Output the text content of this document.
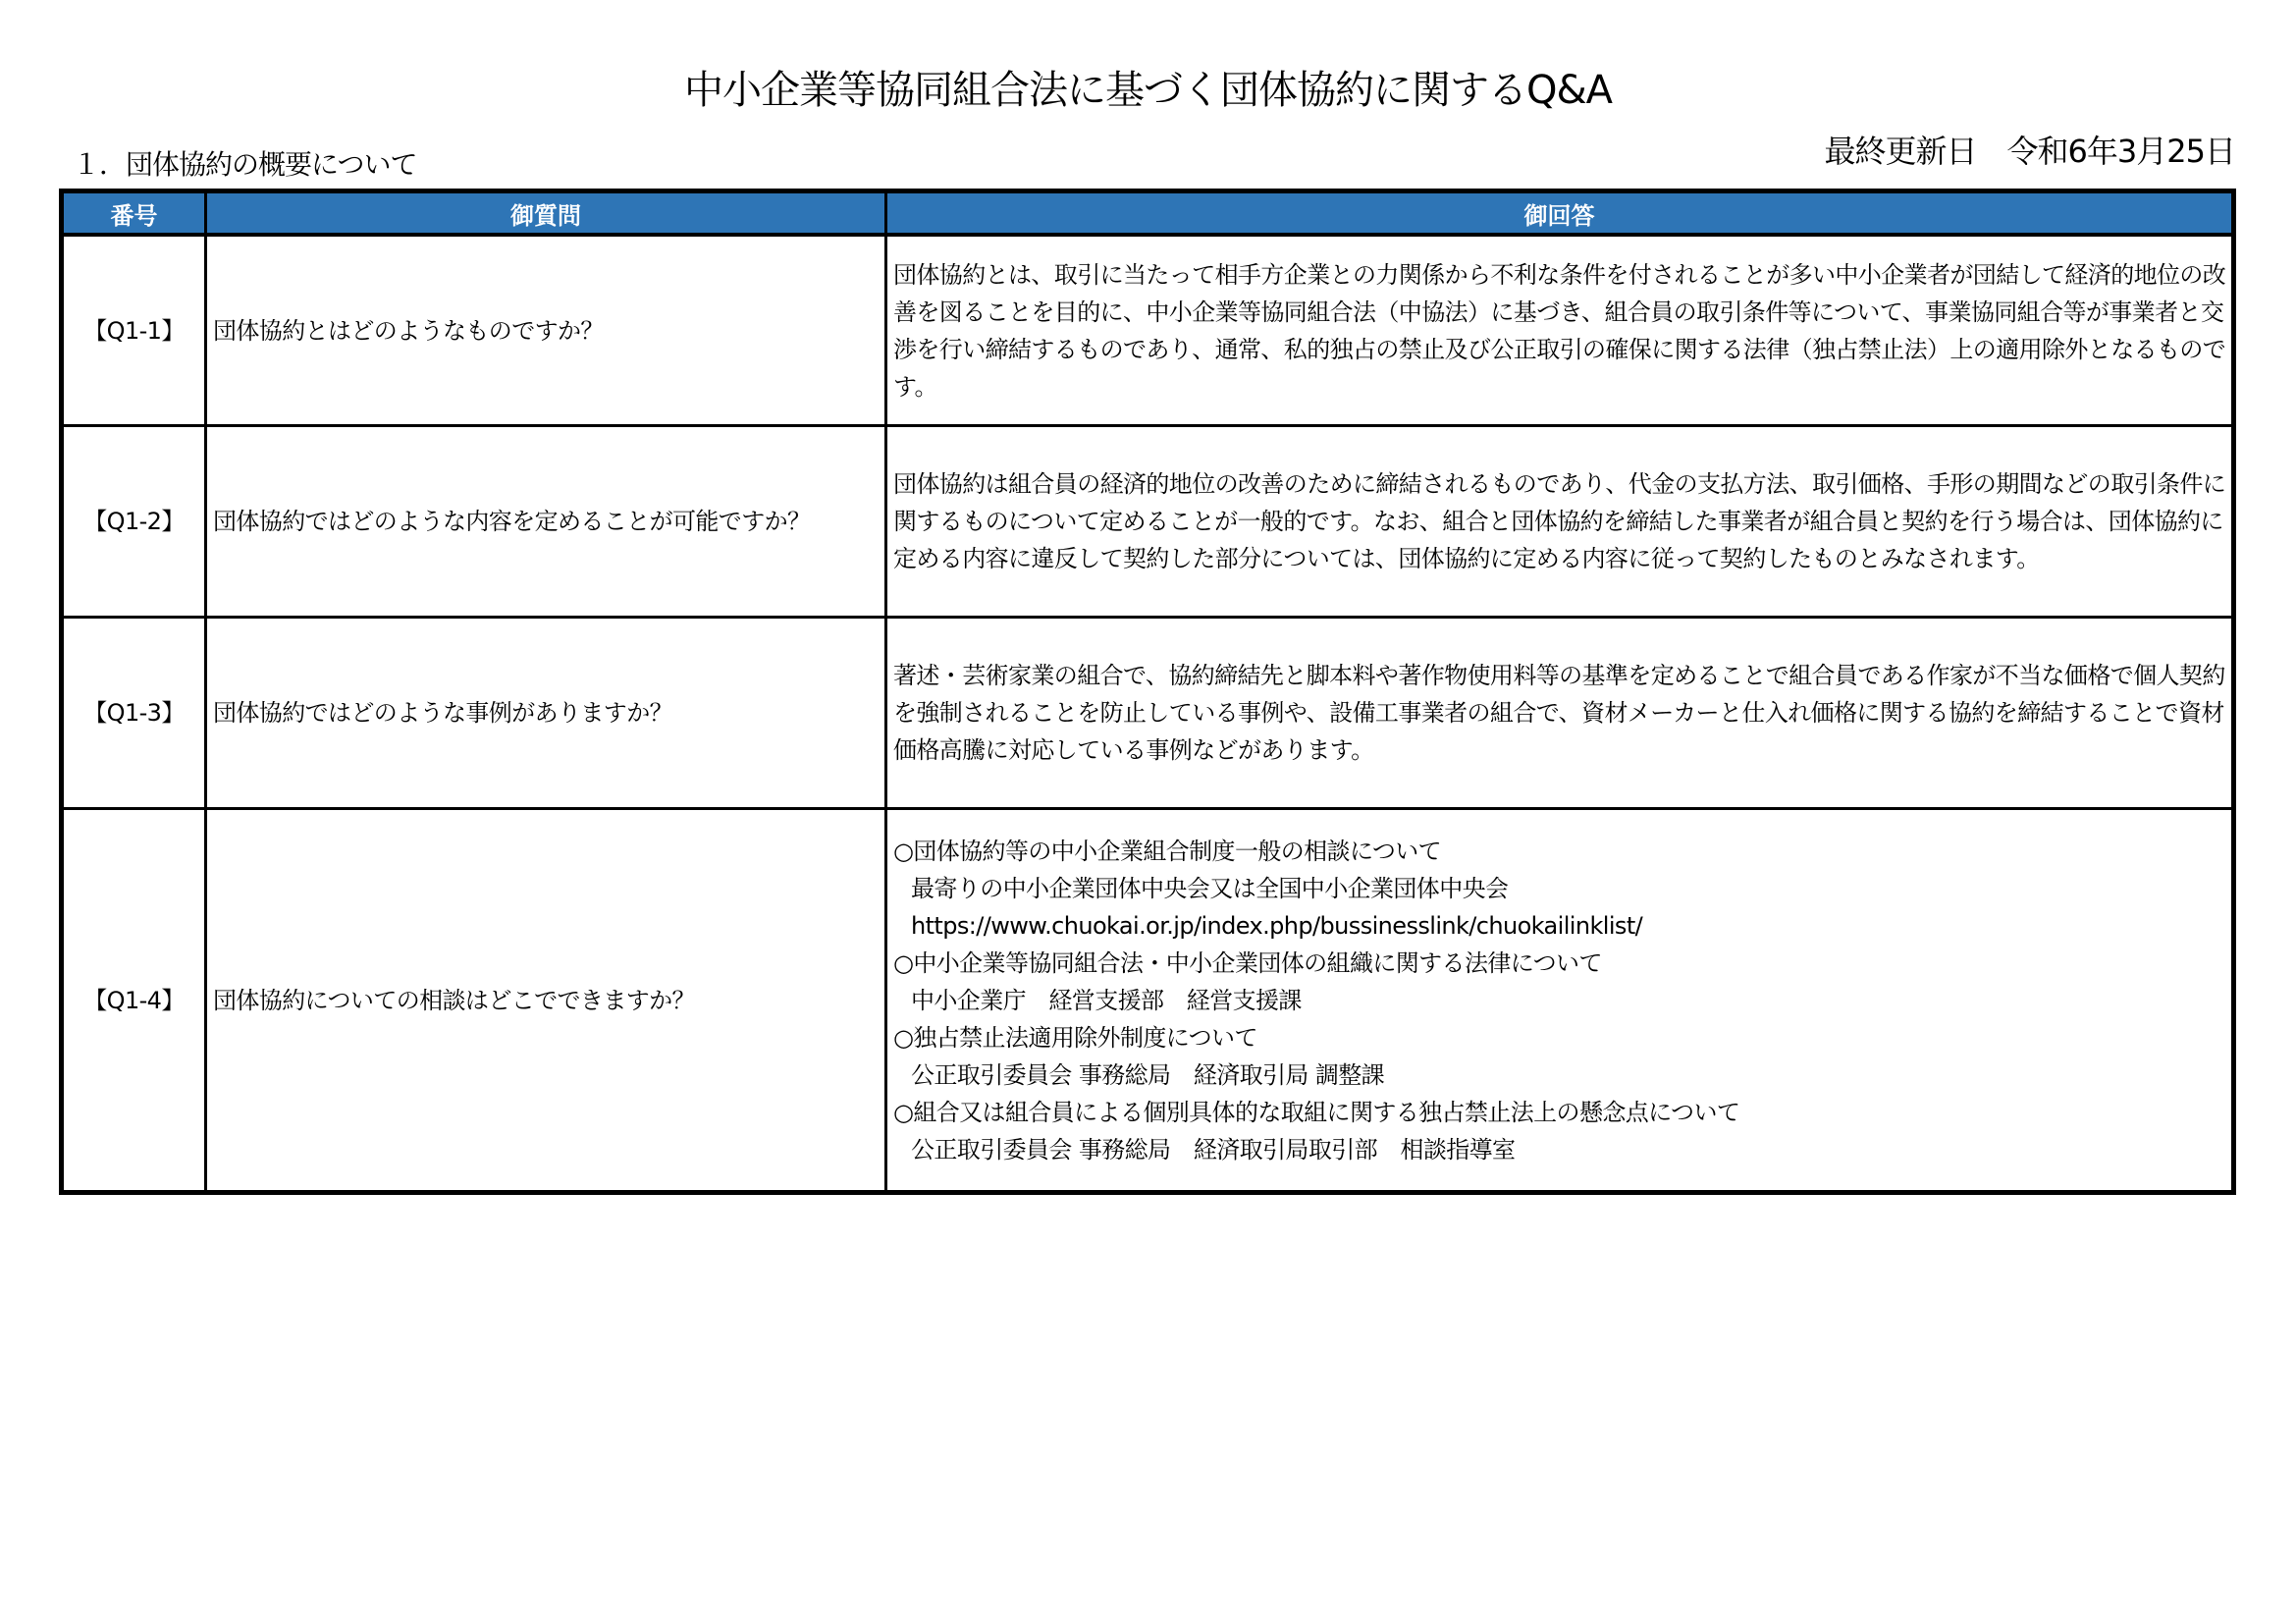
中小企業等協同組合法に基づく団体協約に関するQ&A
１．団体協約の概要について	最終更新日　令和6年3月25日
番号	御質問	御回答
【Q1-1】	団体協約とはどのようなものですか？	団体協約とは、取引に当たって相手方企業との力関係から不利な条件を付されることが多い中小企業者が団結して経済的地位の改善を図ることを目的に、中小企業等協同組合法（中協法）に基づき、組合員の取引条件等について、事業協同組合等が事業者と交渉を行い締結するものであり、通常、私的独占の禁止及び公正取引の確保に関する法律（独占禁止法）上の適用除外となるものです。

【Q1-2】	団体協約ではどのような内容を定めることが可能ですか？	団体協約は組合員の経済的地位の改善のために締結されるものであり、代金の支払方法、取引価格、手形の期間などの取引条件に関するものについて定めることが一般的です。なお、組合と団体協約を締結した事業者が組合員と契約を行う場合は、団体協約に定める内容に違反して契約した部分については、団体協約に定める内容に従って契約したものとみなされます。

【Q1-3】	団体協約ではどのような事例がありますか？	著述・芸術家業の組合で、協約締結先と脚本料や著作物使用料等の基準を定めることで組合員である作家が不当な価格で個人契約を強制されることを防止している事例や、設備工事業者の組合で、資材メーカーと仕入れ価格に関する協約を締結することで資材価格高騰に対応している事例などがあります。

【Q1-4】	団体協約についての相談はどこでできますか？	
○団体協約等の中小企業組合制度一般の相談について
最寄りの中小企業団体中央会又は全国中小企業団体中央会
https://www.chuokai.or.jp/index.php/bussinesslink/chuokailinklist/
○中小企業等協同組合法・中小企業団体の組織に関する法律について
中小企業庁　経営支援部　経営支援課
○独占禁止法適用除外制度について
公正取引委員会 事務総局　経済取引局 調整課
○組合又は組合員による個別具体的な取組に関する独占禁止法上の懸念点について
公正取引委員会 事務総局　経済取引局取引部　相談指導室
